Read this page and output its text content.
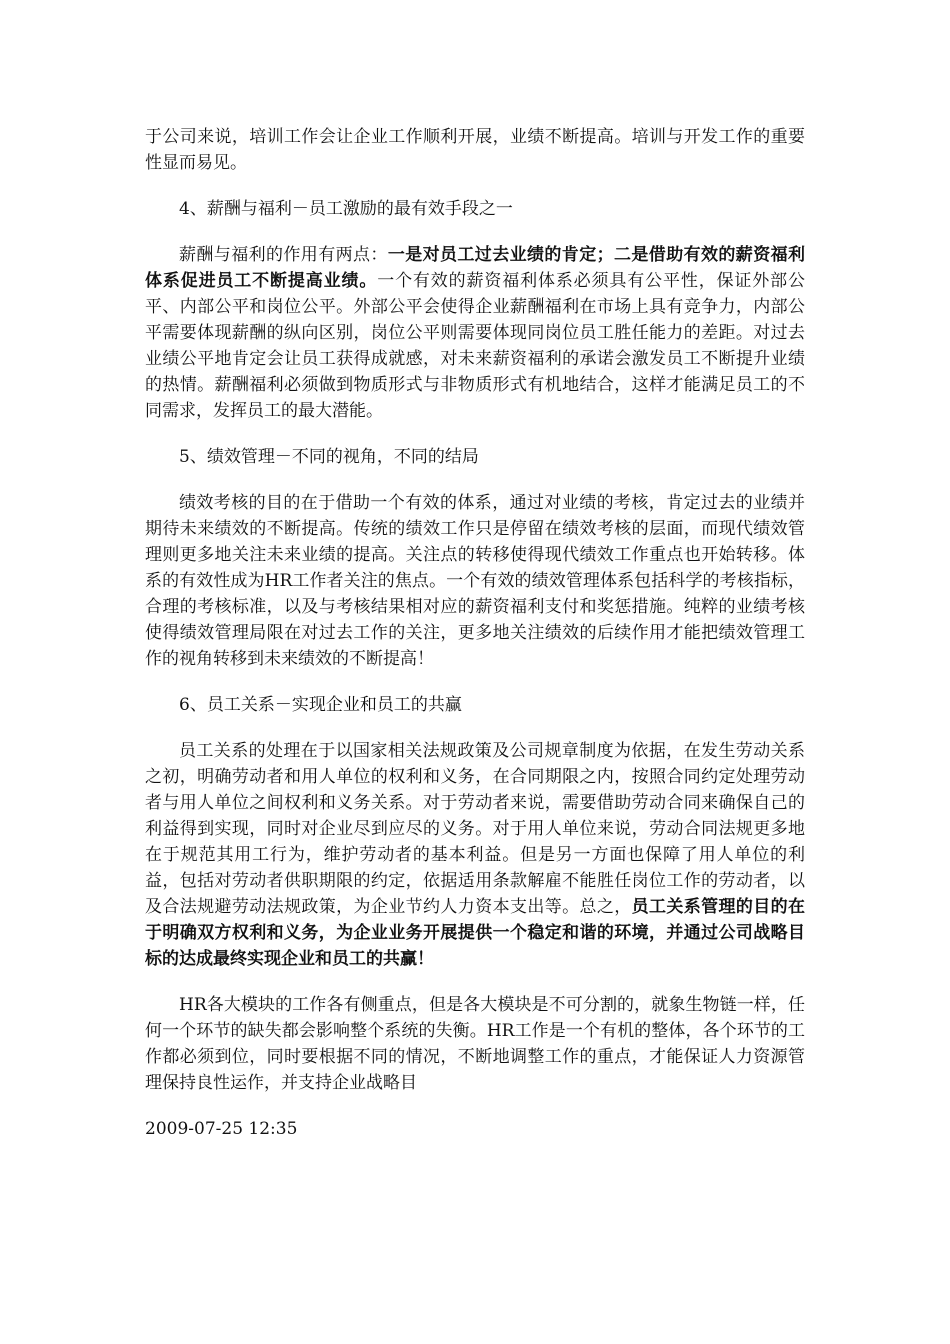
于公司来说，培训工作会让企业工作顺利开展，业绩不断提高。培训与开发工作的重要性显而易见。

4、薪酬与福利－员工激励的最有效手段之一

薪酬与福利的作用有两点：一是对员工过去业绩的肯定；二是借助有效的薪资福利体系促进员工不断提高业绩。一个有效的薪资福利体系必须具有公平性，保证外部公平、内部公平和岗位公平。外部公平会使得企业薪酬福利在市场上具有竞争力，内部公平需要体现薪酬的纵向区别，岗位公平则需要体现同岗位员工胜任能力的差距。对过去业绩公平地肯定会让员工获得成就感，对未来薪资福利的承诺会激发员工不断提升业绩的热情。薪酬福利必须做到物质形式与非物质形式有机地结合，这样才能满足员工的不同需求，发挥员工的最大潜能。

5、绩效管理－不同的视角，不同的结局

绩效考核的目的在于借助一个有效的体系，通过对业绩的考核，肯定过去的业绩并期待未来绩效的不断提高。传统的绩效工作只是停留在绩效考核的层面，而现代绩效管理则更多地关注未来业绩的提高。关注点的转移使得现代绩效工作重点也开始转移。体系的有效性成为HR工作者关注的焦点。一个有效的绩效管理体系包括科学的考核指标，合理的考核标准，以及与考核结果相对应的薪资福利支付和奖惩措施。纯粹的业绩考核使得绩效管理局限在对过去工作的关注，更多地关注绩效的后续作用才能把绩效管理工作的视角转移到未来绩效的不断提高！

6、员工关系－实现企业和员工的共赢

员工关系的处理在于以国家相关法规政策及公司规章制度为依据，在发生劳动关系之初，明确劳动者和用人单位的权利和义务，在合同期限之内，按照合同约定处理劳动者与用人单位之间权利和义务关系。对于劳动者来说，需要借助劳动合同来确保自己的利益得到实现，同时对企业尽到应尽的义务。对于用人单位来说，劳动合同法规更多地在于规范其用工行为，维护劳动者的基本利益。但是另一方面也保障了用人单位的利益，包括对劳动者供职期限的约定，依据适用条款解雇不能胜任岗位工作的劳动者，以及合法规避劳动法规政策，为企业节约人力资本支出等。总之，员工关系管理的目的在于明确双方权利和义务，为企业业务开展提供一个稳定和谐的环境，并通过公司战略目标的达成最终实现企业和员工的共赢！

HR各大模块的工作各有侧重点，但是各大模块是不可分割的，就象生物链一样，任何一个环节的缺失都会影响整个系统的失衡。HR工作是一个有机的整体，各个环节的工作都必须到位，同时要根据不同的情况，不断地调整工作的重点，才能保证人力资源管理保持良性运作，并支持企业战略目

2009-07-25 12:35
